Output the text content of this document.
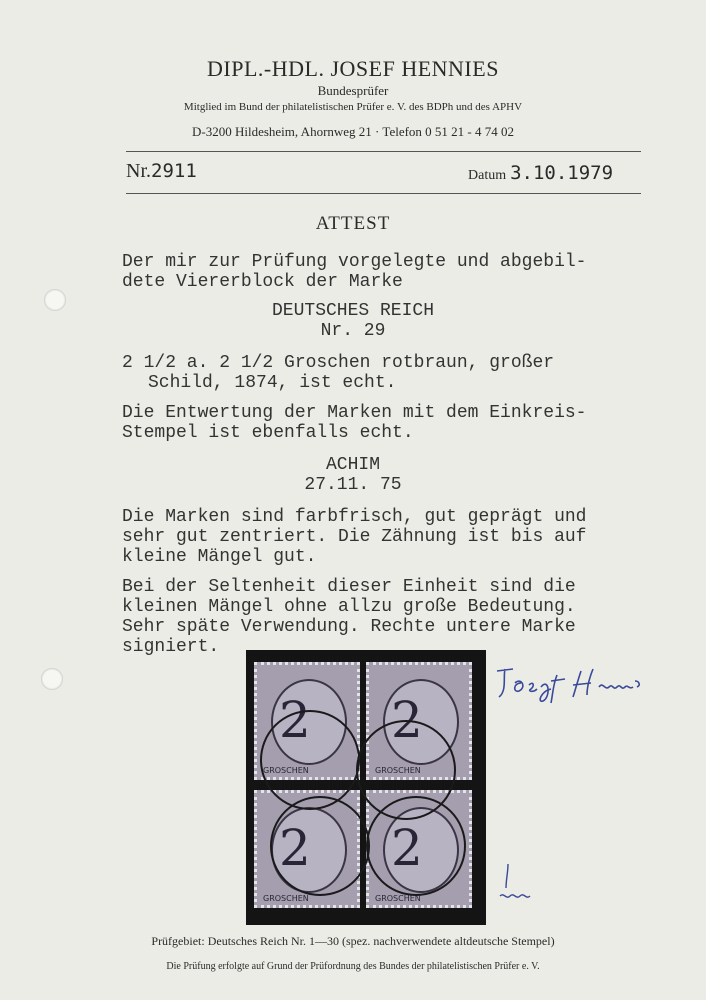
DIPL.-HDL. JOSEF HENNIES
Bundesprüfer
Mitglied im Bund der philatelistischen Prüfer e. V. des BDPh und des APHV
D-3200 Hildesheim, Ahornweg 21 · Telefon 0 51 21 - 4 74 02
Nr.2911	Datum 3.10.1979
ATTEST
Der mir zur Prüfung vorgelegte und abgebil-
dete Viererblock der Marke
DEUTSCHES REICH
Nr. 29
2 1/2 a. 2 1/2 Groschen rotbraun, großer
Schild, 1874, ist echt.
Die Entwertung der Marken mit dem Einkreis-
Stempel ist ebenfalls echt.
ACHIM
27.11. 75
Die Marken sind farbfrisch, gut geprägt und
sehr gut zentriert. Die Zähnung ist bis auf
kleine Mängel gut.
Bei der Seltenheit dieser Einheit sind die
kleinen Mängel ohne allzu große Bedeutung.
Sehr späte Verwendung. Rechte untere Marke
signiert.
2
GROSCHEN
2
GROSCHEN
2
GROSCHEN
2
GROSCHEN
Prüfgebiet: Deutsches Reich Nr. 1—30 (spez. nachverwendete altdeutsche Stempel)
Die Prüfung erfolgte auf Grund der Prüfordnung des Bundes der philatelistischen Prüfer e. V.
